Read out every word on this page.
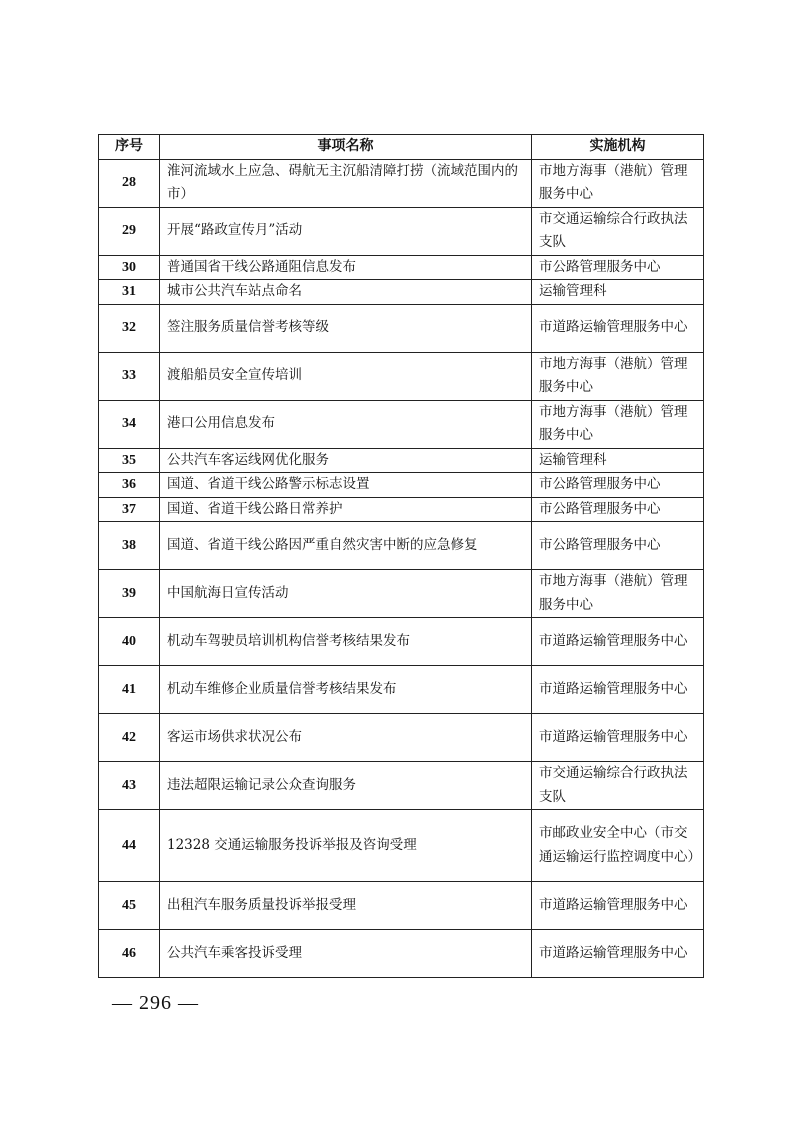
序号	事项名称	实施机构
28	淮河流域水上应急、碍航无主沉船清障打捞（流域范围内的市）	市地方海事（港航）管理服务中心
29	开展“路政宣传月”活动	市交通运输综合行政执法支队
30	普通国省干线公路通阻信息发布	市公路管理服务中心
31	城市公共汽车站点命名	运输管理科
32	签注服务质量信誉考核等级	市道路运输管理服务中心
33	渡船船员安全宣传培训	市地方海事（港航）管理服务中心
34	港口公用信息发布	市地方海事（港航）管理服务中心
35	公共汽车客运线网优化服务	运输管理科
36	国道、省道干线公路警示标志设置	市公路管理服务中心
37	国道、省道干线公路日常养护	市公路管理服务中心
38	国道、省道干线公路因严重自然灾害中断的应急修复	市公路管理服务中心
39	中国航海日宣传活动	市地方海事（港航）管理服务中心
40	机动车驾驶员培训机构信誉考核结果发布	市道路运输管理服务中心
41	机动车维修企业质量信誉考核结果发布	市道路运输管理服务中心
42	客运市场供求状况公布	市道路运输管理服务中心
43	违法超限运输记录公众查询服务	市交通运输综合行政执法支队
44	12328 交通运输服务投诉举报及咨询受理	市邮政业安全中心（市交通运输运行监控调度中心）
45	出租汽车服务质量投诉举报受理	市道路运输管理服务中心
46	公共汽车乘客投诉受理	市道路运输管理服务中心
— 296 —
